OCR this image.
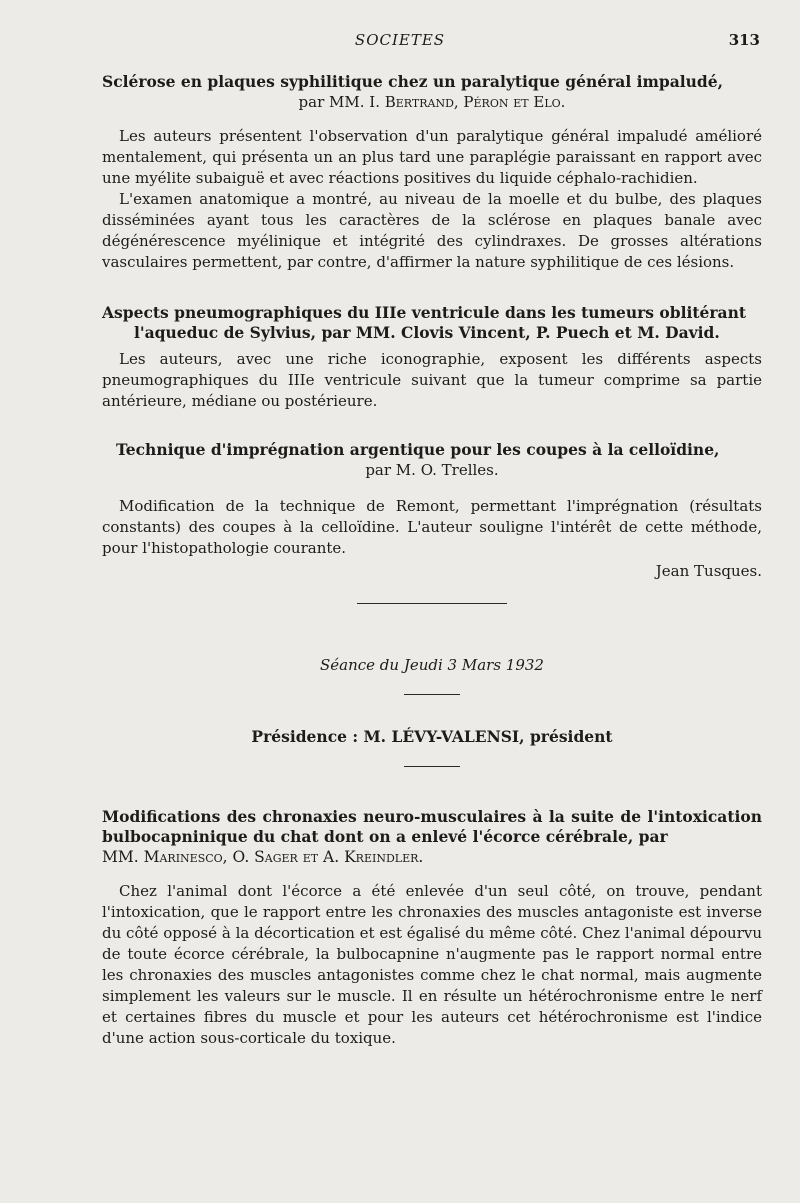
SOCIETES	313

Sclérose en plaques syphilitique chez un paralytique général impaludé,

par MM. I. Bertrand, Péron et Elo.

Les auteurs présentent l'observation d'un paralytique général impaludé amélioré mentalement, qui présenta un an plus tard une paraplégie paraissant en rapport avec une myélite subaiguë et avec réactions positives du liquide céphalo-rachidien.

L'examen anatomique a montré, au niveau de la moelle et du bulbe, des plaques disséminées ayant tous les caractères de la sclérose en plaques banale avec dégénérescence myélinique et intégrité des cylindraxes. De grosses altérations vasculaires permettent, par contre, d'affirmer la nature syphilitique de ces lésions.

Aspects pneumographiques du IIIe ventricule dans les tumeurs oblitérant

l'aqueduc de Sylvius, par MM. Clovis Vincent, P. Puech et M. David.

Les auteurs, avec une riche iconographie, exposent les différents aspects pneumographiques du IIIe ventricule suivant que la tumeur comprime sa partie antérieure, médiane ou postérieure.

Technique d'imprégnation argentique pour les coupes à la celloïdine,

par M. O. Trelles.

Modification de la technique de Remont, permettant l'imprégnation (résultats constants) des coupes à la celloïdine. L'auteur souligne l'intérêt de cette méthode, pour l'histopathologie courante.

Jean Tusques.

Séance du Jeudi 3 Mars 1932
Présidence : M. LÉVY-VALENSI, président

Modifications des chronaxies neuro-musculaires à la suite de l'intoxication bulbocapninique du chat dont on a enlevé l'écorce cérébrale, par

MM. Marinesco, O. Sager et A. Kreindler.

Chez l'animal dont l'écorce a été enlevée d'un seul côté, on trouve, pendant l'intoxication, que le rapport entre les chronaxies des muscles antagoniste est inverse du côté opposé à la décortication et est égalisé du même côté. Chez l'animal dépourvu de toute écorce cérébrale, la bulbocapnine n'augmente pas le rapport normal entre les chronaxies des muscles antagonistes comme chez le chat normal, mais augmente simplement les valeurs sur le muscle. Il en résulte un hétérochronisme entre le nerf et certaines fibres du muscle et pour les auteurs cet hétérochronisme est l'indice d'une action sous-corticale du toxique.
